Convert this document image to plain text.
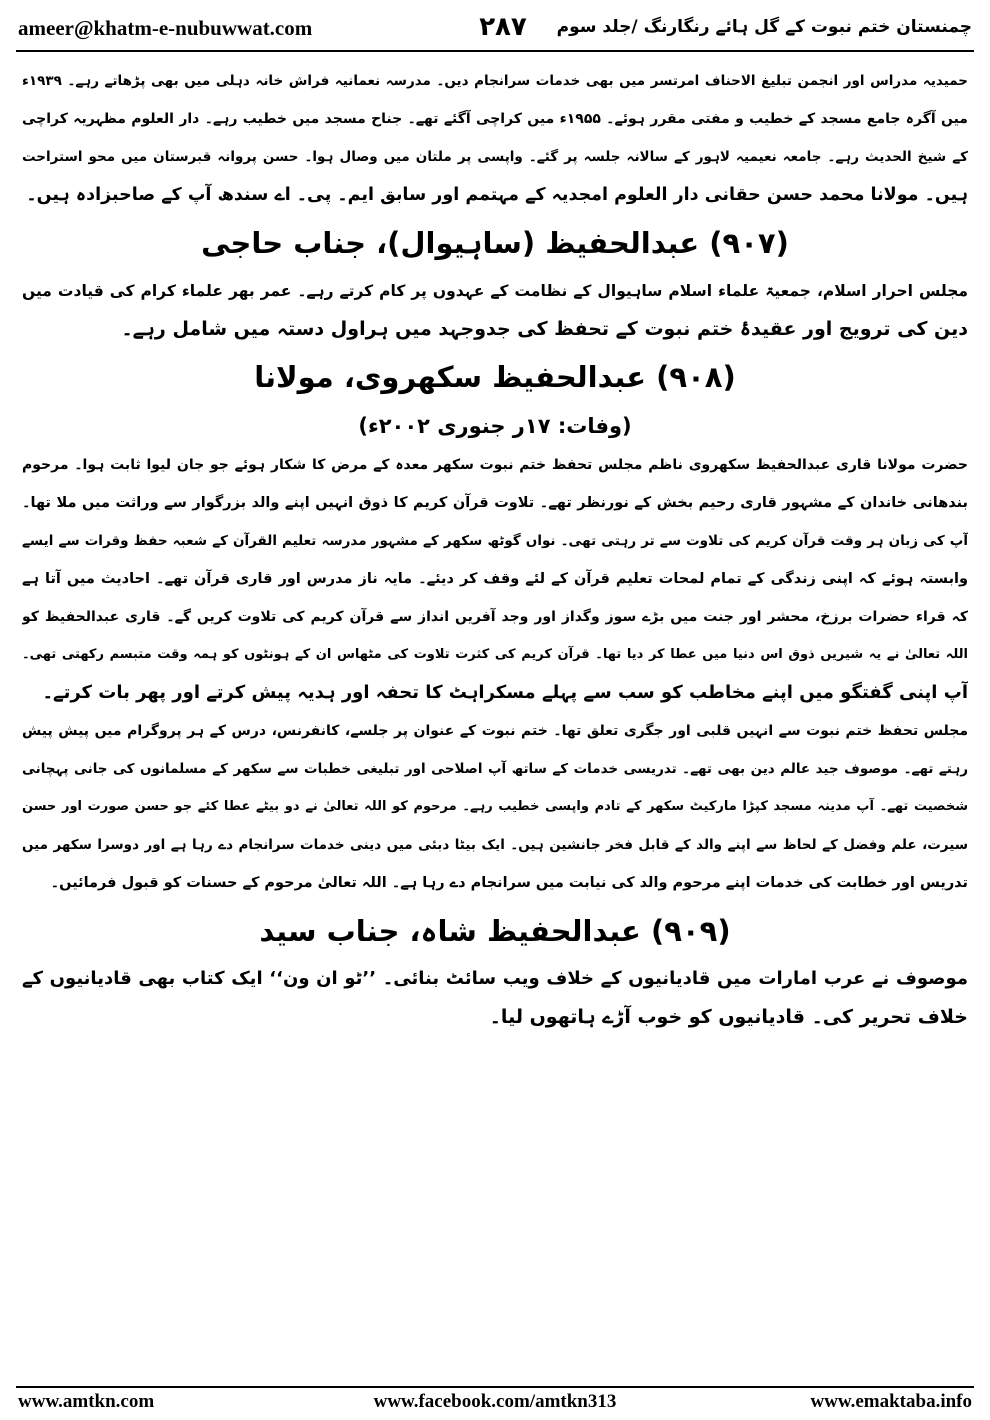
ameer@khatm-e-nubuwwat.com	۲۸۷	چمنستان ختم نبوت کے گل ہائے رنگارنگ /جلد سوم
حمیدیہ مدراس اور انجمن تبلیغ الاحناف امرتسر میں بھی خدمات سرانجام دیں۔ مدرسہ نعمانیہ فراش خانہ دہلی میں بھی پڑھاتے رہے۔ ۱۹۳۹ء
میں آگرہ جامع مسجد کے خطیب و مفتی مقرر ہوئے۔ ۱۹۵۵ء میں کراچی آگئے تھے۔ جناح مسجد میں خطیب رہے۔ دار العلوم مظہریہ کراچی
کے شیخ الحدیث رہے۔ جامعہ نعیمیہ لاہور کے سالانہ جلسہ پر گئے۔ واپسی پر ملتان میں وصال ہوا۔ حسن پروانہ قبرستان میں محو استراحت
ہیں۔ مولانا محمد حسن حقانی دار العلوم امجدیہ کے مہتمم اور سابق ایم۔ پی۔ اے سندھ آپ کے صاحبزادہ ہیں۔
(۹۰۷) عبدالحفیظ (ساہیوال)، جناب حاجی
مجلس احرار اسلام، جمعیۃ علماء اسلام ساہیوال کے نظامت کے عہدوں پر کام کرتے رہے۔ عمر بھر علماء کرام کی قیادت میں
دین کی ترویج اور عقیدۂ ختم نبوت کے تحفظ کی جدوجہد میں ہراول دستہ میں شامل رہے۔
(۹۰۸) عبدالحفیظ سکھروی، مولانا
(وفات: ۱۷ر جنوری ۲۰۰۲ء)
حضرت مولانا قاری عبدالحفیظ سکھروی ناظم مجلس تحفظ ختم نبوت سکھر معدہ کے مرض کا شکار ہوئے جو جان لیوا ثابت ہوا۔ مرحوم
بندھانی خاندان کے مشہور قاری رحیم بخش کے نورنظر تھے۔ تلاوت قرآن کریم کا ذوق انہیں اپنے والد بزرگوار سے وراثت میں ملا تھا۔
آپ کی زبان ہر وقت قرآن کریم کی تلاوت سے تر رہتی تھی۔ نواں گوٹھ سکھر کے مشہور مدرسہ تعلیم القرآن کے شعبہ حفظ وقرات سے ایسے
وابستہ ہوئے کہ اپنی زندگی کے تمام لمحات تعلیم قرآن کے لئے وقف کر دیئے۔ مایہ ناز مدرس اور قاری قرآن تھے۔ احادیث میں آتا ہے
کہ قراء حضرات برزخ، محشر اور جنت میں بڑے سوز وگداز اور وجد آفریں انداز سے قرآن کریم کی تلاوت کریں گے۔ قاری عبدالحفیظ کو
اللہ تعالیٰ نے یہ شیریں ذوق اس دنیا میں عطا کر دیا تھا۔ قرآن کریم کی کثرت تلاوت کی مٹھاس ان کے ہونٹوں کو ہمہ وقت متبسم رکھتی تھی۔
آپ اپنی گفتگو میں اپنے مخاطب کو سب سے پہلے مسکراہٹ کا تحفہ اور ہدیہ پیش کرتے اور پھر بات کرتے۔
مجلس تحفظ ختم نبوت سے انہیں قلبی اور جگری تعلق تھا۔ ختم نبوت کے عنوان پر جلسے، کانفرنس، درس کے ہر پروگرام میں پیش پیش
رہتے تھے۔ موصوف جید عالم دین بھی تھے۔ تدریسی خدمات کے ساتھ آپ اصلاحی اور تبلیغی خطبات سے سکھر کے مسلمانوں کی جانی پہچانی
شخصیت تھے۔ آپ مدینہ مسجد کپڑا مارکیٹ سکھر کے تادم واپسی خطیب رہے۔ مرحوم کو اللہ تعالیٰ نے دو بیٹے عطا کئے جو حسن صورت اور حسن
سیرت، علم وفضل کے لحاظ سے اپنے والد کے قابل فخر جانشین ہیں۔ ایک بیٹا دبئی میں دینی خدمات سرانجام دے رہا ہے اور دوسرا سکھر میں
تدریس اور خطابت کی خدمات اپنے مرحوم والد کی نیابت میں سرانجام دے رہا ہے۔ اللہ تعالیٰ مرحوم کے حسنات کو قبول فرمائیں۔
(۹۰۹) عبدالحفیظ شاہ، جناب سید
موصوف نے عرب امارات میں قادیانیوں کے خلاف ویب سائٹ بنائی۔ ’’ٹو ان ون‘‘ ایک کتاب بھی قادیانیوں کے
خلاف تحریر کی۔ قادیانیوں کو خوب آڑے ہاتھوں لیا۔
www.amtkn.com	www.facebook.com/amtkn313	www.emaktaba.info
